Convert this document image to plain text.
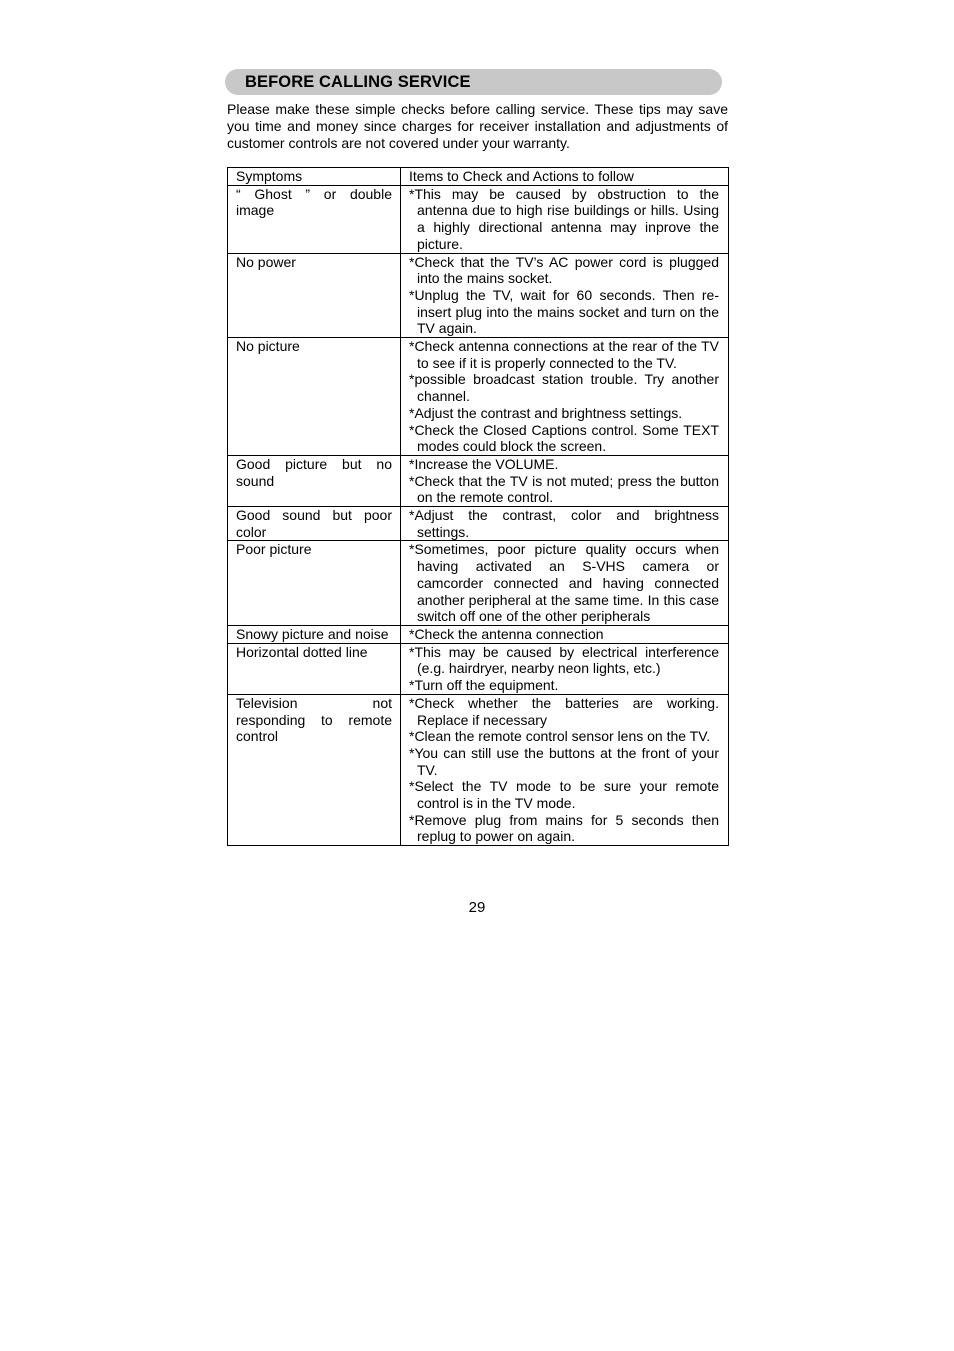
BEFORE CALLING SERVICE
Please make these simple checks before calling service. These tips may save you time and money since charges for receiver installation and adjustments of customer controls are not covered under your warranty.
Symptoms	Items to Check and Actions to follow
“ Ghost ” or double image	*This may be caused by obstruction to the antenna due to high rise buildings or hills. Using a highly directional antenna may inprove the picture.

No power	*Check that the TV’s AC power cord is plugged into the mains socket.
*Unplug the TV, wait for 60 seconds. Then re-insert plug into the mains socket and turn on the TV again.

No picture	*Check antenna connections at the rear of the TV to see if it is properly connected to the TV.
*possible broadcast station trouble. Try another channel.
*Adjust the contrast and brightness settings.
*Check the Closed Captions control. Some TEXT modes could block the screen.

Good picture but no sound	*Increase the VOLUME.
*Check that the TV is not muted; press the button on the remote control.

Good sound but poor color	*Adjust the contrast, color and brightness settings.

Poor picture	*Sometimes, poor picture quality occurs when having activated an S-VHS camera or camcorder connected and having connected another peripheral at the same time. In this case switch off one of the other peripherals

Snowy picture and noise	*Check the antenna connection

Horizontal dotted line	*This may be caused by electrical interference (e.g. hairdryer, nearby neon lights, etc.)
*Turn off the equipment.

Television not responding to remote control	*Check whether the batteries are working. Replace if necessary
*Clean the remote control sensor lens on the TV.
*You can still use the buttons at the front of your TV.
*Select the TV mode to be sure your remote control is in the TV mode.
*Remove plug from mains for 5 seconds then replug to power on again.
29
